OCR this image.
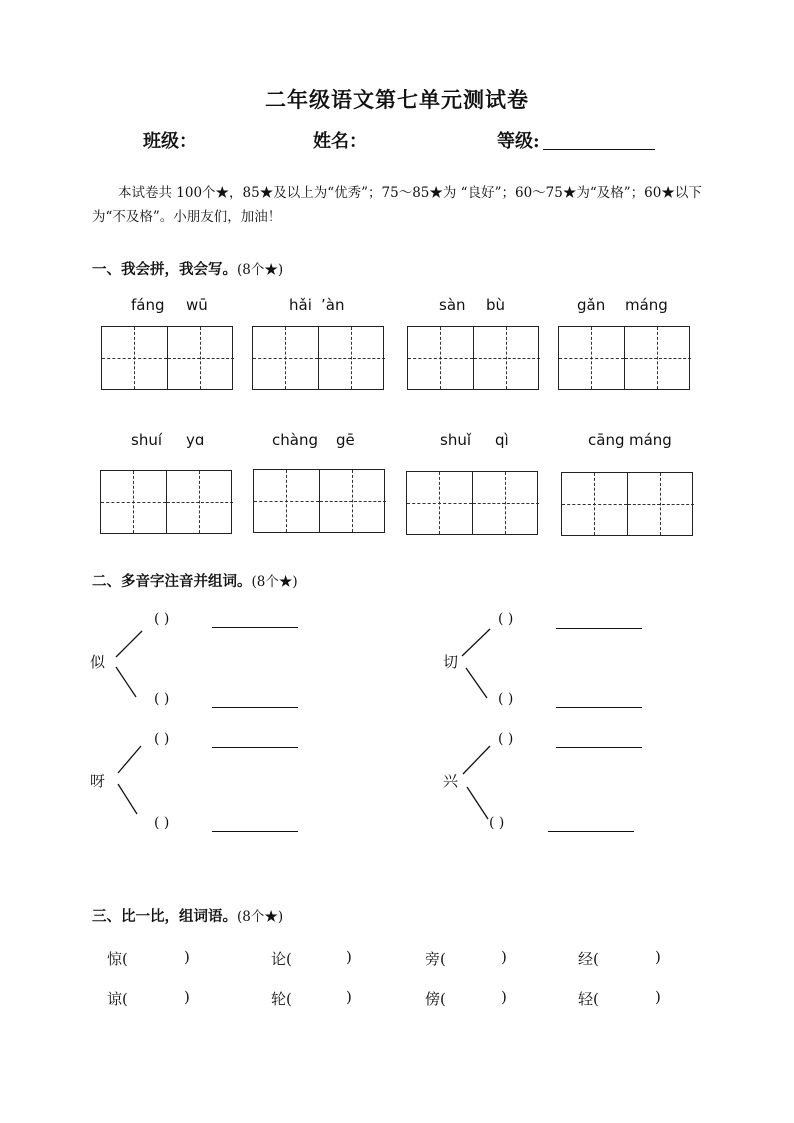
二年级语文第七单元测试卷
班级：	姓名：	等级:
本试卷共 100个★，85★及以上为“优秀”；75～85★为 “良好”；60～75★为“及格”；60★以下为“不及格”。小朋友们，加油！
一、我会拼，我会写。(8个★)
fáng wū	hǎi ’àn	sàn bù	gǎn máng
shuí yɑ	chàng gē	shuǐ qì	cāng máng
二、多音字注音并组词。(8个★)
似	切
呀	兴
( )
( )
( )
( )
( )
( )
( )
( )
三、比一比，组词语。(8个★)
惊(	)	论(	)	旁(	)	经(	)
谅(	)	轮(	)	傍(	)	轻(	)
